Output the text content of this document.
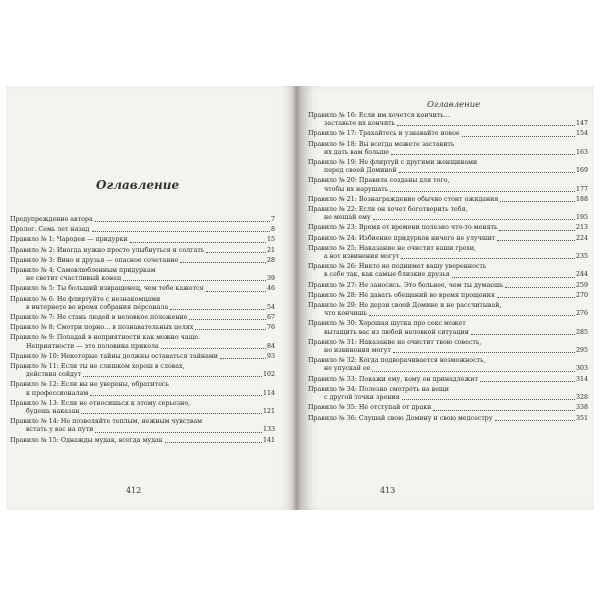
Оглавление
Предупреждение автора	7
Пролог. Семь лет назад	8
Правило № 1: Чародеи — придурки	15
Правило № 2: Иногда нужно просто улыбнуться и солгать	21
Правило № 3: Вино и друзья — опасное сочетание	28
Правило № 4: Самовлюбленным придуркам
не светит счастливый конец	39
Правило № 5: Ты больший извращенец, чем тебе кажется	46
Правило № 6: Не флиртуйте с незнакомцами
в интернете во время собрания персонала	54
Правило № 7: Не стань людей в неловкое положение	67
Правило № 8: Смотри порно… в познавательных целях	76
Правило № 9: Попадай в неприятности как можно чаще.
Неприятности — это половина прикола	84
Правило № 10: Некоторые тайны должны оставаться тайнами	93
Правило № 11: Если ты не слишком хорош в словах,
действия сойдут	102
Правило № 12: Если вы не уверены, обратитесь
к профессионалам	114
Правило № 13: Если не относишься к этому серьезно,
будешь наказан	121
Правило № 14: Не позволяйте теплым, нежным чувствам
встать у вас на пути	133
Правило № 15: Однажды мудак, всегда мудак	141
412
Оглавление
Правило № 16: Если им хочется кончить…
заставьте их кончить	147
Правило № 17: Трахайтесь и узнавайте новое	154
Правило № 18: Вы всегда можете заставить
их дать вам больше	163
Правило № 19: Не флиртуй с другими женщинами
перед своей Доминой	169
Правило № 20: Правила созданы для того,
чтобы их нарушать	177
Правило № 21: Вознаграждение обычно стоит ожидания	188
Правило № 22: Если он хочет боготворить тебя,
не мешай ему	195
Правило № 23: Время от времени полезно что-то менять	213
Правило № 24: Избиение придурков ничего не улучшит	224
Правило № 25: Наказание не очистит ваши грехи,
а вот извинения могут	235
Правило № 26: Никто не поднимет вашу уверенность
в себе так, как самые близкие друзья	244
Правило № 27: Не заносись. Это больнее, чем ты думаешь	259
Правило № 28: Не давать обещаний во время прощения	270
Правило № 29: Не дерзи своей Домине и не рассчитывай,
что кончишь	276
Правило № 30: Хорошая шутка про секс может
вытащить вас из любой неловкой ситуации	285
Правило № 31: Наказание не очистит твою совесть,
но извинения могут	295
Правило № 32: Когда подворачивается возможность,
не упускай ее	303
Правило № 33: Покажи ему, кому он принадлежит	314
Правило № 34: Полезно смотреть на вещи
с другой точки зрения	328
Правило № 35: Не отступай от драки	338
Правило № 36: Слушай свою Домину и свою медсестру	351
413
